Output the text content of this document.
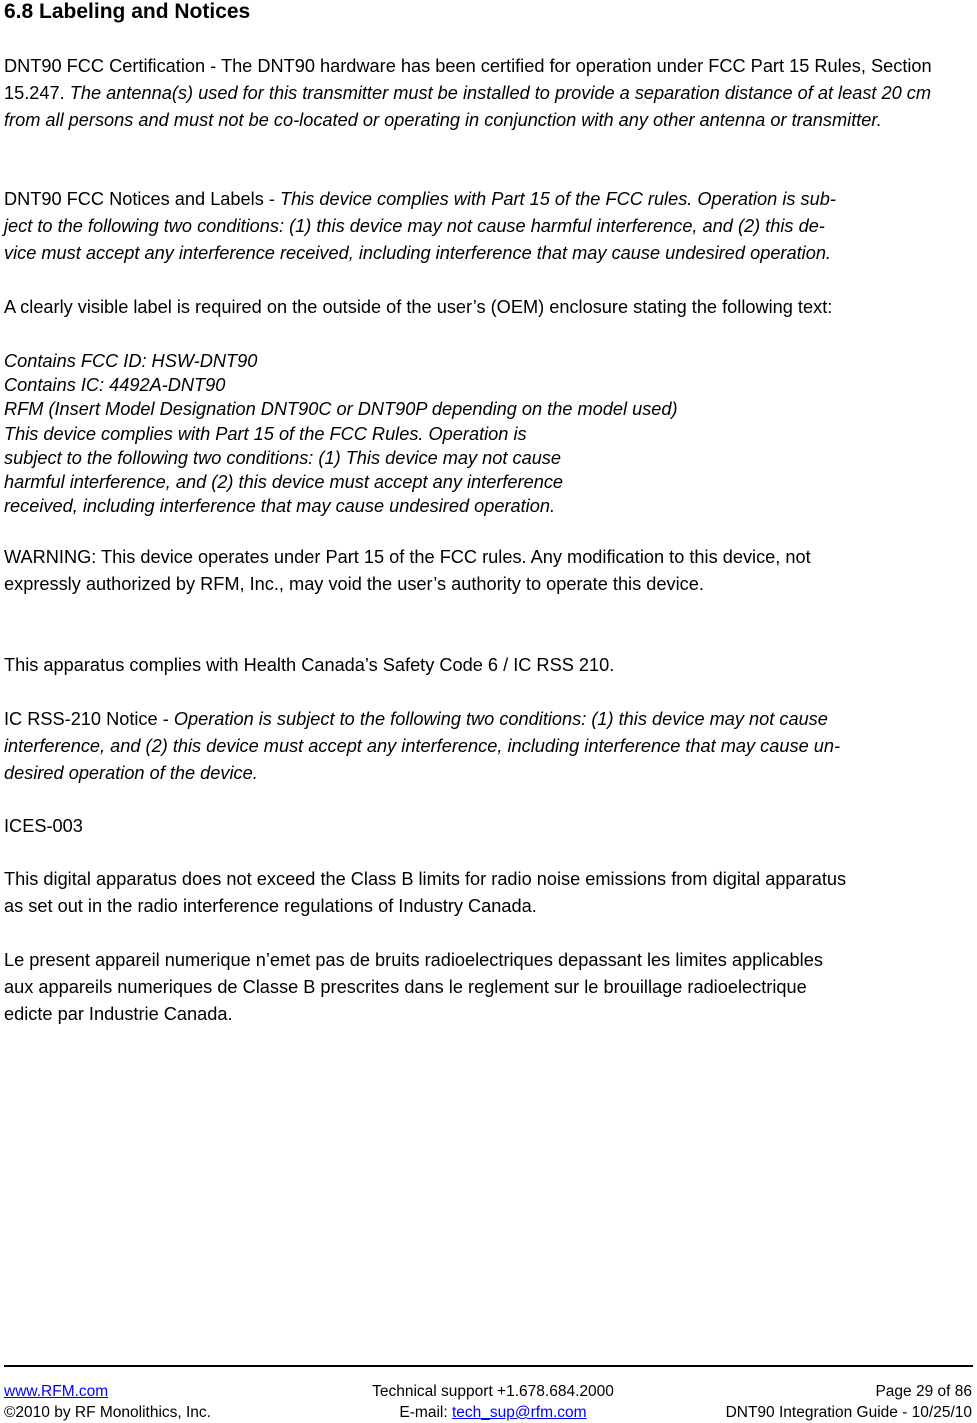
6.8 Labeling and Notices

DNT90 FCC Certification - The DNT90 hardware has been certified for operation under FCC Part 15 Rules, Section 15.247. The antenna(s) used for this transmitter must be installed to provide a separation distance of at least 20 cm from all persons and must not be co-located or operating in conjunction with any other antenna or transmitter.

DNT90 FCC Notices and Labels - This device complies with Part 15 of the FCC rules. Operation is sub-
ject to the following two conditions: (1) this device may not cause harmful interference, and (2) this de-
vice must accept any interference received, including interference that may cause undesired operation.

A clearly visible label is required on the outside of the user’s (OEM) enclosure stating the following text:

Contains FCC ID: HSW-DNT90
Contains IC: 4492A-DNT90
RFM (Insert Model Designation DNT90C or DNT90P depending on the model used)
This device complies with Part 15 of the FCC Rules. Operation is
subject to the following two conditions: (1) This device may not cause
harmful interference, and (2) this device must accept any interference
received, including interference that may cause undesired operation.

WARNING: This device operates under Part 15 of the FCC rules. Any modification to this device, not
expressly authorized by RFM, Inc., may void the user’s authority to operate this device.

This apparatus complies with Health Canada’s Safety Code 6 / IC RSS 210.

IC RSS-210 Notice - Operation is subject to the following two conditions: (1) this device may not cause
interference, and (2) this device must accept any interference, including interference that may cause un-
desired operation of the device.

ICES-003

This digital apparatus does not exceed the Class B limits for radio noise emissions from digital apparatus
as set out in the radio interference regulations of Industry Canada.

Le present appareil numerique n’emet pas de bruits radioelectriques depassant les limites applicables
aux appareils numeriques de Classe B prescrites dans le reglement sur le brouillage radioelectrique
edicte par Industrie Canada.

www.RFM.com
©2010 by RF Monolithics, Inc.
Technical support +1.678.684.2000
E-mail: tech_sup@rfm.com
Page 29 of 86
DNT90 Integration Guide - 10/25/10
